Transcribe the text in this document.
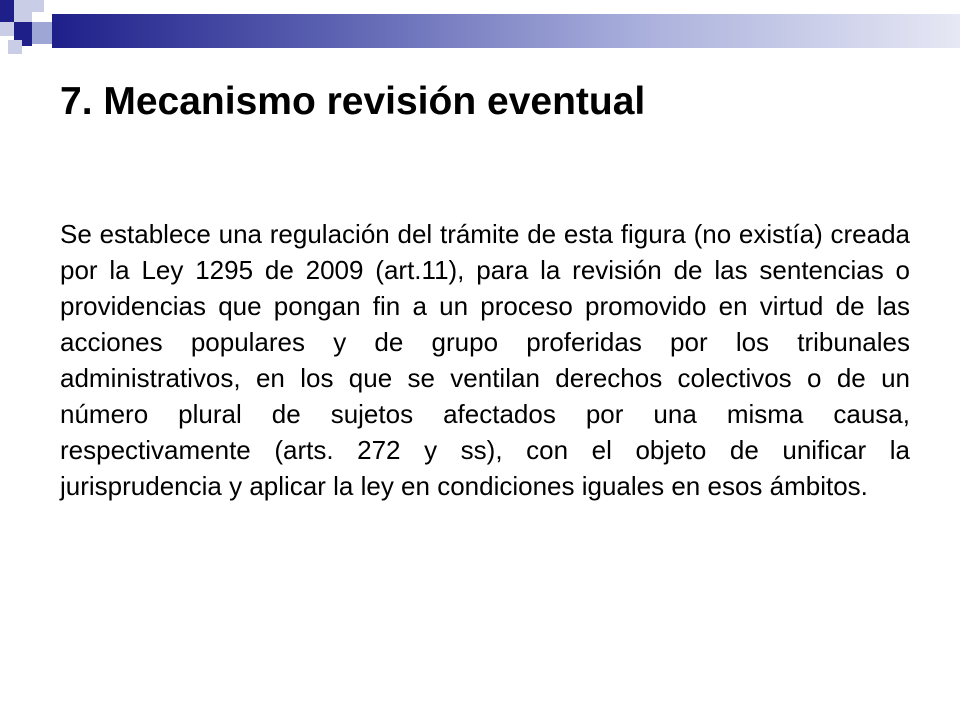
7. Mecanismo revisión eventual

Se establece una regulación del trámite de esta figura (no existía) creada por la Ley 1295 de 2009 (art.11), para la revisión de las sentencias o providencias que pongan fin a un proceso promovido en virtud de las acciones populares y de grupo proferidas por los tribunales administrativos, en los que se ventilan derechos colectivos o de un número plural de sujetos afectados por una misma causa, respectivamente (arts. 272 y ss), con el objeto de unificar la jurisprudencia y aplicar la ley en condiciones iguales en esos ámbitos.
